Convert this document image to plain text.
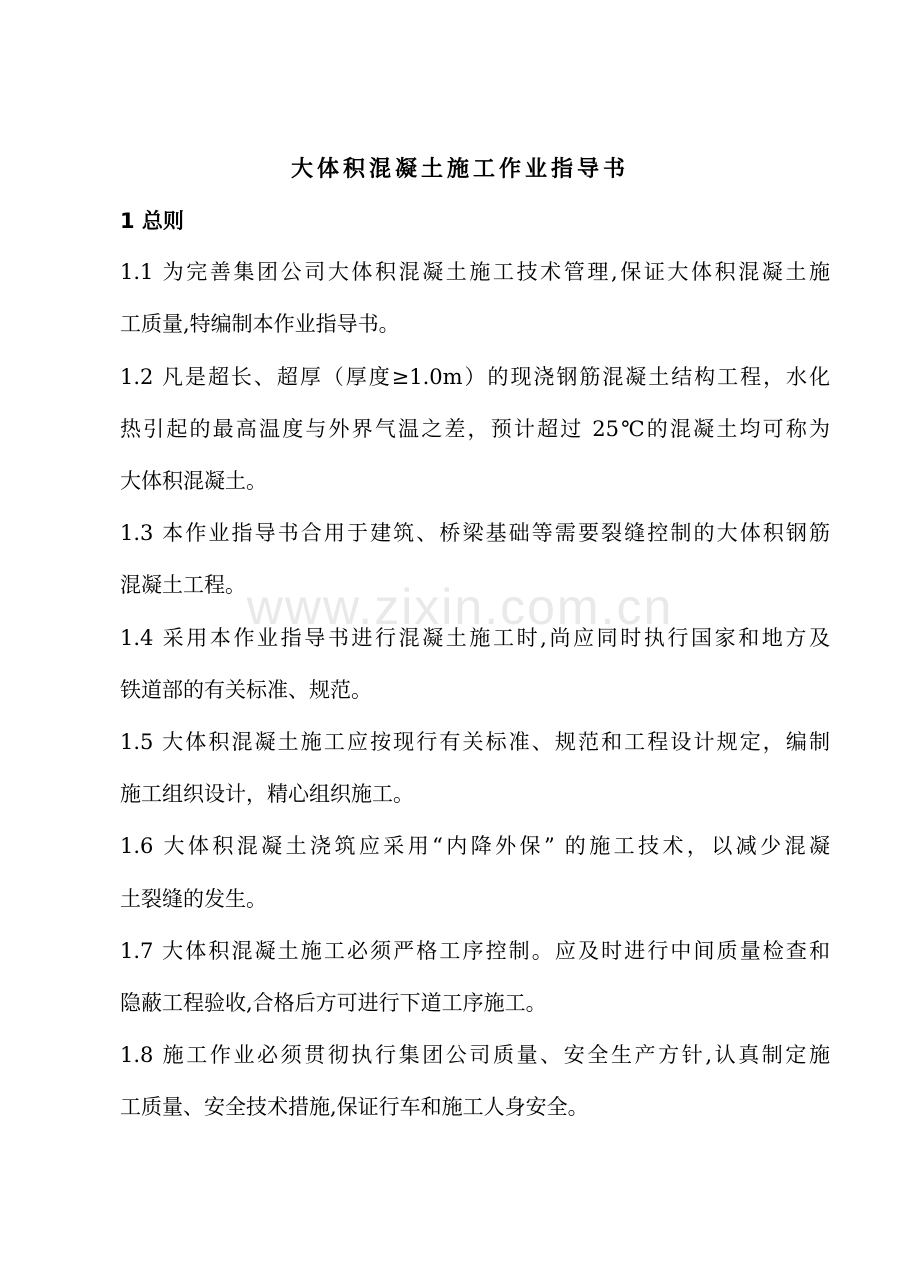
www.zixin.com.cn
大体积混凝土施工作业指导书
1 总则
1.1 为完善集团公司大体积混凝土施工技术管理,保证大体积混凝土施
工质量,特编制本作业指导书。
1.2 凡是超长、超厚（厚度≥1.0m）的现浇钢筋混凝土结构工程，水化
热引起的最高温度与外界气温之差，预计超过 25℃的混凝土均可称为
大体积混凝土。
1.3 本作业指导书合用于建筑、桥梁基础等需要裂缝控制的大体积钢筋
混凝土工程。
1.4 采用本作业指导书进行混凝土施工时,尚应同时执行国家和地方及
铁道部的有关标准、规范。
1.5 大体积混凝土施工应按现行有关标准、规范和工程设计规定，编制
施工组织设计，精心组织施工。
1.6 大体积混凝土浇筑应采用“内降外保” 的施工技术，以减少混凝
土裂缝的发生。
1.7 大体积混凝土施工必须严格工序控制。应及时进行中间质量检查和
隐蔽工程验收,合格后方可进行下道工序施工。
1.8 施工作业必须贯彻执行集团公司质量、安全生产方针,认真制定施
工质量、安全技术措施,保证行车和施工人身安全。
